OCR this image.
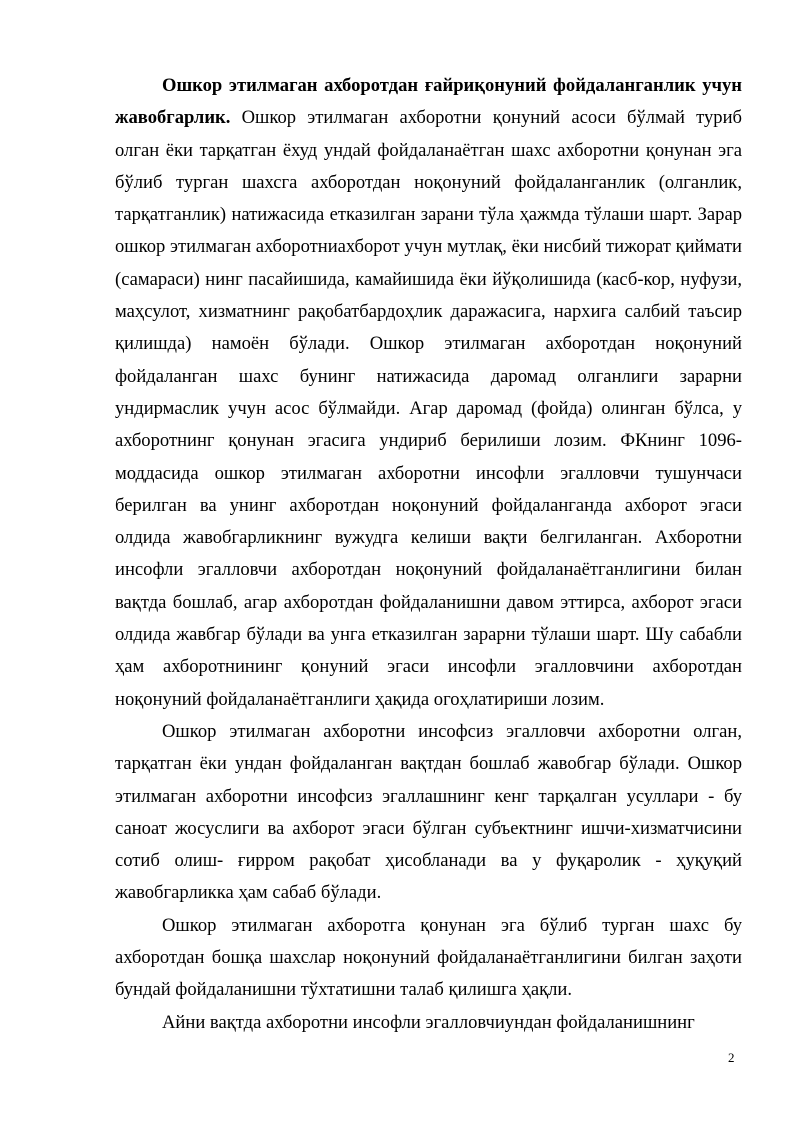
Ошкор этилмаган ахборотдан ғайриқонуний фойдаланганлик учун жавобгарлик. Ошкор этилмаган ахборотни қонуний асоси бўлмай туриб олган ёки тарқатган ёхуд ундай фойдаланаётган шахс ахборотни қонунан эга бўлиб турган шахсга ахборотдан ноқонуний фойдаланганлик (олганлик, тарқатганлик) натижасида етказилган зарани тўла ҳажмда тўлаши шарт. Зарар ошкор этилмаган ахборотниахборот учун мутлақ, ёки нисбий тижорат қиймати (самараси) нинг пасайишида, камайишида ёки йўқолишида (касб-кор, нуфузи, маҳсулот, хизматнинг рақобатбардоҳлик даражасига, нархига салбий таъсир қилишда) намоён бўлади. Ошкор этилмаган ахборотдан ноқонуний фойдаланган шахс бунинг натижасида даромад олганлиги зарарни ундирмаслик учун асос бўлмайди. Агар даромад (фойда) олинган бўлса, у ахборотнинг қонунан эгасига ундириб берилиши лозим. ФКнинг 1096-моддасида ошкор этилмаган ахборотни инсофли эгалловчи тушунчаси берилган ва унинг ахборотдан ноқонуний фойдаланганда ахборот эгаси олдида жавобгарликнинг вужудга келиши вақти белгиланган. Ахборотни инсофли эгалловчи ахборотдан ноқонуний фойдаланаётганлигини билан вақтда бошлаб, агар ахборотдан фойдаланишни давом эттирса, ахборот эгаси олдида жавбгар бўлади ва унга етказилган зарарни тўлаши шарт. Шу сабабли ҳам ахборотнининг қонуний эгаси инсофли эгалловчини ахборотдан ноқонуний фойдаланаётганлиги ҳақида огоҳлатириши лозим.

Ошкор этилмаган ахборотни инсофсиз эгалловчи ахборотни олган, тарқатган ёки ундан фойдаланган вақтдан бошлаб жавобгар бўлади. Ошкор этилмаган ахборотни инсофсиз эгаллашнинг кенг тарқалган усуллари - бу саноат жосуслиги ва ахборот эгаси бўлган субъектнинг ишчи-хизматчисини сотиб олиш- ғирром рақобат ҳисобланади ва у фуқаролик - ҳуқуқий жавобгарликка ҳам сабаб бўлади.

Ошкор этилмаган ахборотга қонунан эга бўлиб турган шахс бу ахборотдан бошқа шахслар ноқонуний фойдаланаётганлигини билган заҳоти бундай фойдаланишни тўхтатишни талаб қилишга ҳақли.

Айни вақтда ахборотни инсофли эгалловчиундан фойдаланишнинг

2
